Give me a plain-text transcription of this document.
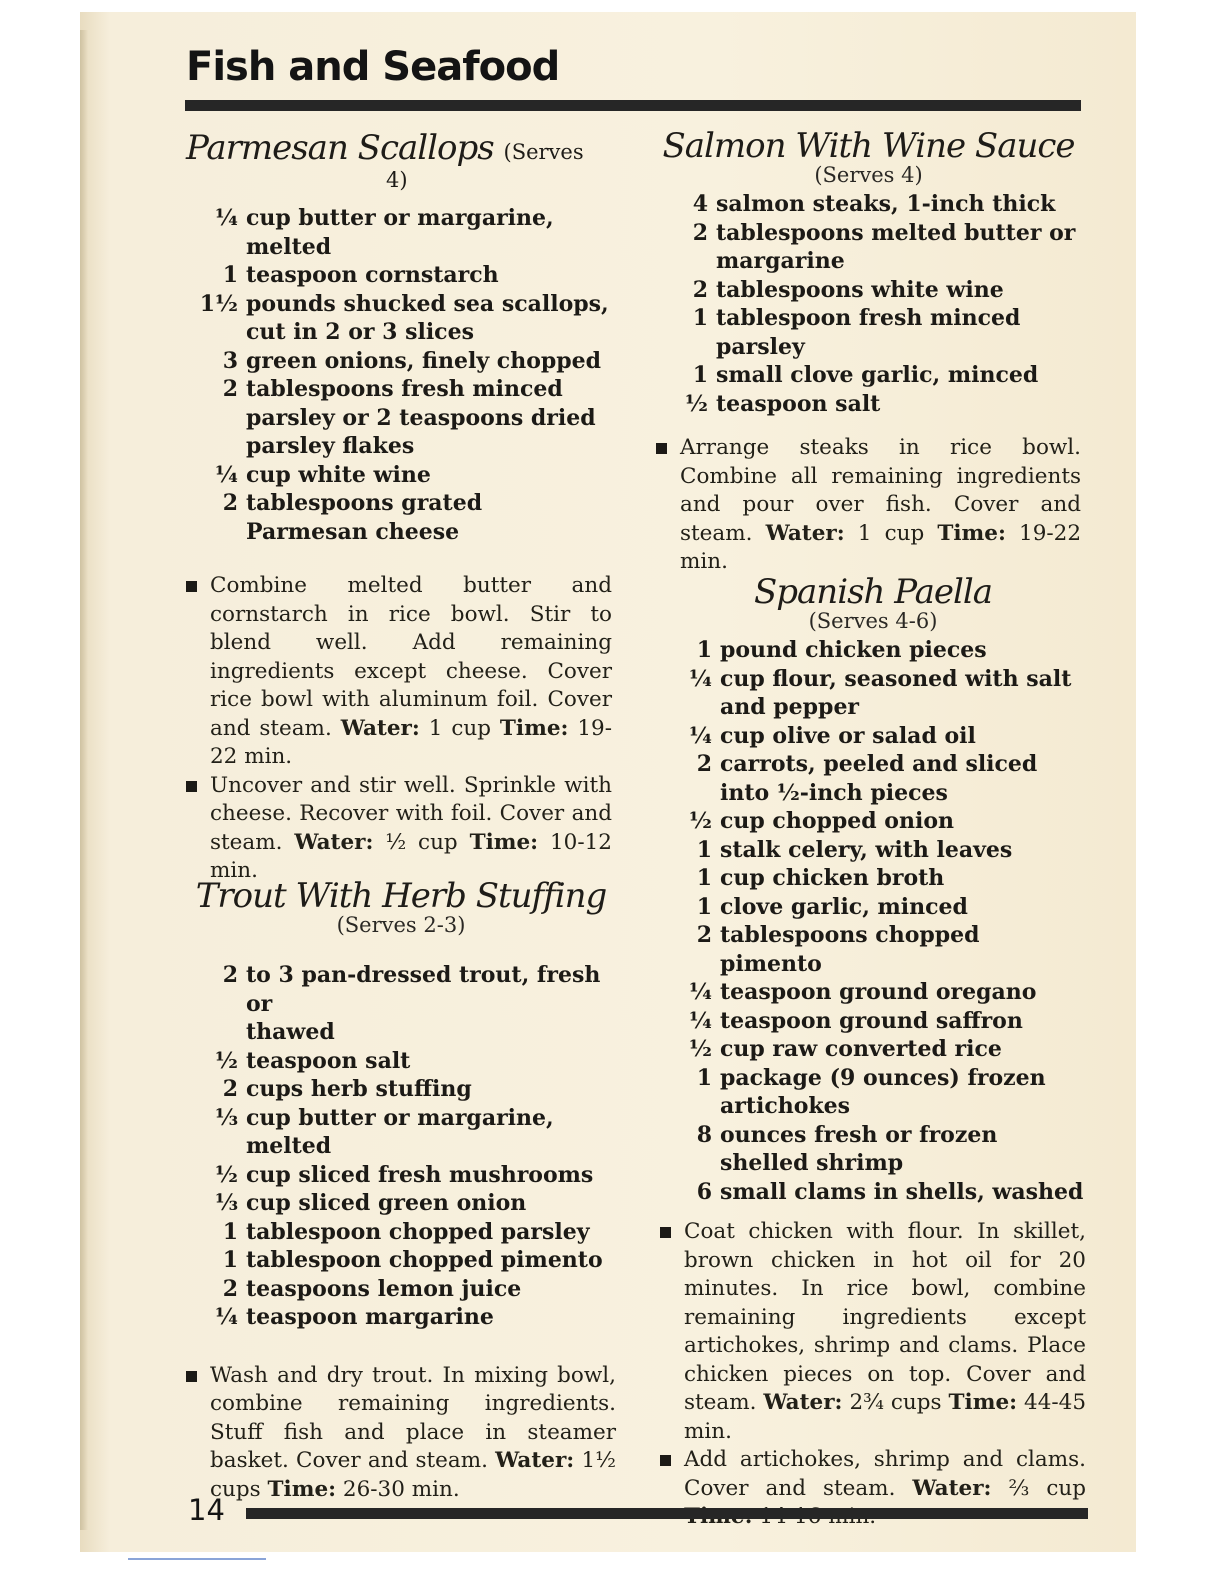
Fish and Seafood
Parmesan Scallops (Serves
4)
¼ cup butter or margarine,
melted
1 teaspoon cornstarch
1½ pounds shucked sea scallops,
cut in 2 or 3 slices
3 green onions, finely chopped
2 tablespoons fresh minced
parsley or 2 teaspoons dried
parsley flakes
¼ cup white wine
2 tablespoons grated
Parmesan cheese
Combine melted butter and cornstarch in rice bowl. Stir to blend well. Add remaining ingredients except cheese. Cover rice bowl with aluminum foil. Cover and steam. Water: 1 cup Time: 19-22 min.
Uncover and stir well. Sprinkle with cheese. Recover with foil. Cover and steam. Water: ½ cup Time: 10-12 min.
Trout With Herb Stuffing
(Serves 2-3)
2 to 3 pan-dressed trout, fresh or
thawed
½ teaspoon salt
2 cups herb stuffing
⅓ cup butter or margarine,
melted
½ cup sliced fresh mushrooms
⅓ cup sliced green onion
1 tablespoon chopped parsley
1 tablespoon chopped pimento
2 teaspoons lemon juice
¼ teaspoon margarine
Wash and dry trout. In mixing bowl, combine remaining ingredients. Stuff fish and place in steamer basket. Cover and steam. Water: 1½ cups Time: 26-30 min.
Salmon With Wine Sauce
(Serves 4)
4 salmon steaks, 1-inch thick
2 tablespoons melted butter or
margarine
2 tablespoons white wine
1 tablespoon fresh minced
parsley
1 small clove garlic, minced
½ teaspoon salt
Arrange steaks in rice bowl. Combine all remaining ingredients and pour over fish. Cover and steam. Water: 1 cup Time: 19-22 min.
Spanish Paella
(Serves 4-6)
1 pound chicken pieces
¼ cup flour, seasoned with salt
and pepper
¼ cup olive or salad oil
2 carrots, peeled and sliced
into ½-inch pieces
½ cup chopped onion
1 stalk celery, with leaves
1 cup chicken broth
1 clove garlic, minced
2 tablespoons chopped
pimento
¼ teaspoon ground oregano
¼ teaspoon ground saffron
½ cup raw converted rice
1 package (9 ounces) frozen
artichokes
8 ounces fresh or frozen
shelled shrimp
6 small clams in shells, washed
Coat chicken with flour. In skillet, brown chicken in hot oil for 20 minutes. In rice bowl, combine remaining ingredients except artichokes, shrimp and clams. Place chicken pieces on top. Cover and steam. Water: 2¾ cups Time: 44-45 min.
Add artichokes, shrimp and clams. Cover and steam. Water: ⅔ cup
14
